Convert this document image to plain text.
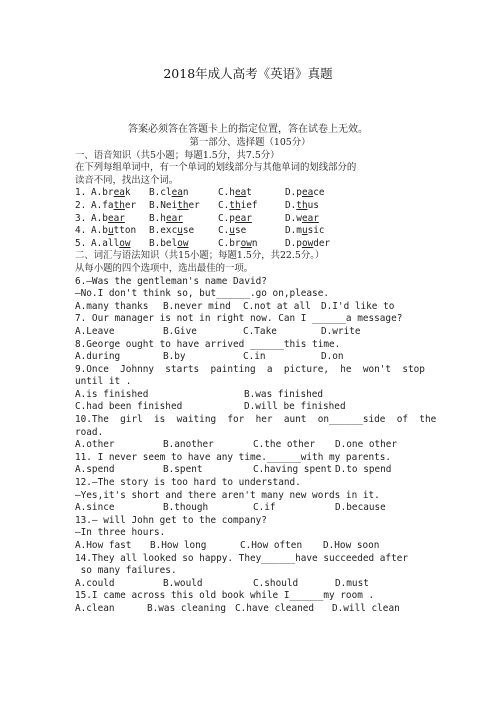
2018年成人高考《英语》真题
答案必须答在答题卡上的指定位置，答在试卷上无效。
第一部分、选择题（105分）
一、语音知识（共5小题；每题1.5分，共7.5分）
在下列每组单词中，有一个单词的划线部分与其他单词的划线部分的
读音不同，找出这个词。
1. A.break B.clean	C.heat	D.peace
2. A.father B.Neither C.thief	D.thus
3. A.bear	B.hear	C.pear	D.wear
4. A.button B.excuse	C.use	D.music
5. A.allow B.below	C.brown	D.powder
二、词汇与语法知识（共15小题；每题1.5分，共22.5分。）
从每小题的四个选项中，选出最佳的一项。
6.—Was the gentleman's name David?
—No.I don't think so, but______.go on,please.
A.many thanks B.never mind C.not at all D.I'd like to
7. Our manager is not in right now. Can I ______a message?
A.Leave	B.Give	C.Take	D.write
8.George ought to have arrived ______this time.
A.during	B.by	C.in	D.on
9.Once  Johnny  starts  painting  a  picture,  he  won't  stop
until it .
A.is finished	B.was finished
C.had been finished	D.will be finished
10.The  girl  is  waiting  for  her  aunt  on______side  of  the
road.
A.other	B.another	C.the other D.one other
11. I never seem to have any time.______with my parents.
A.spend	B.spent	C.having spent D.to spend
12.—The story is too hard to understand.
—Yes,it's short and there aren't many new words in it.
A.since	B.though	C.if	D.because
13.— will John get to the company?
—In three hours.
A.How fast B.How long	C.How often D.How soon
14.They all looked so happy. They______have succeeded after
so many failures.
A.could	B.would	C.should	D.must
15.I came across this old book while I______my room .
A.clean	B.was cleaning C.have cleaned D.will clean
